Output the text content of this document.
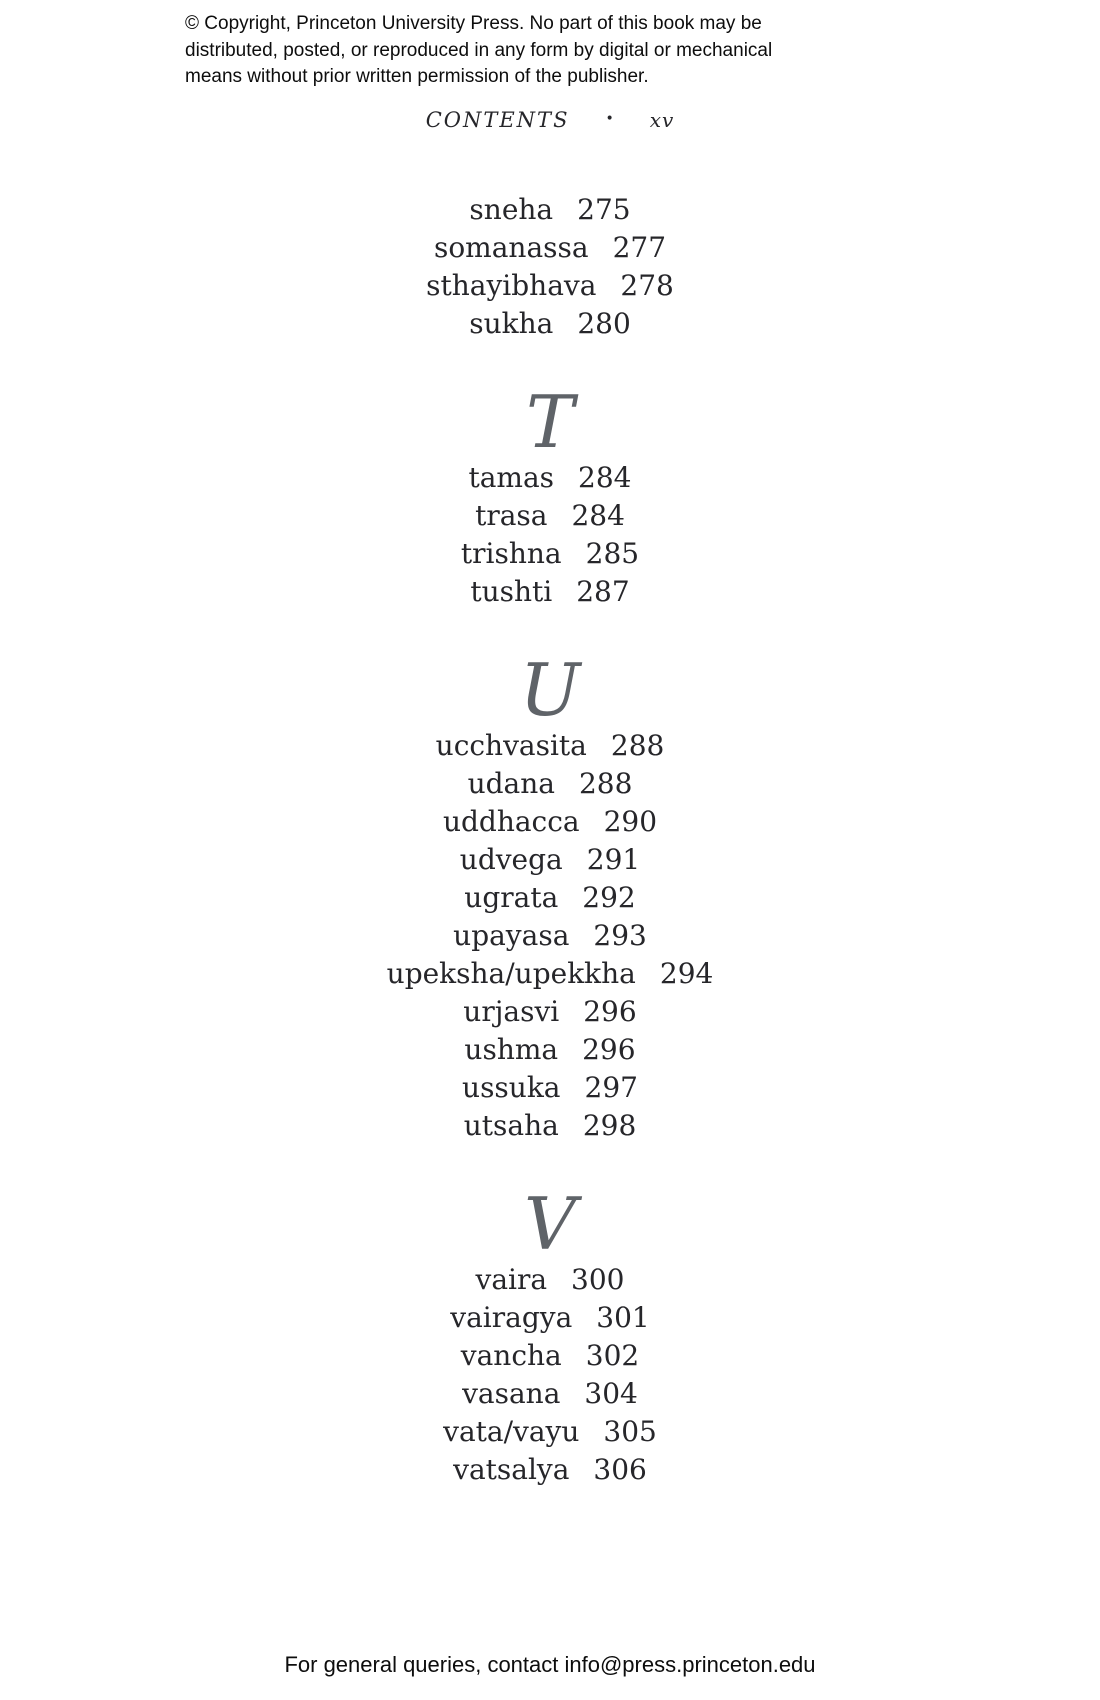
© Copyright, Princeton University Press. No part of this book may be
distributed, posted, or reproduced in any form by digital or mechanical
means without prior written permission of the publisher.
CONTENTS	• xv
sneha 275
somanassa 277
sthayibhava 278
sukha 280
T
tamas 284
trasa 284
trishna 285
tushti 287
U
ucchvasita 288
udana 288
uddhacca 290
udvega 291
ugrata 292
upayasa 293
upeksha/upekkha 294
urjasvi 296
ushma 296
ussuka 297
utsaha 298
V
vaira 300
vairagya 301
vancha 302
vasana 304
vata/vayu 305
vatsalya 306
For general queries, contact info@press.princeton.edu
